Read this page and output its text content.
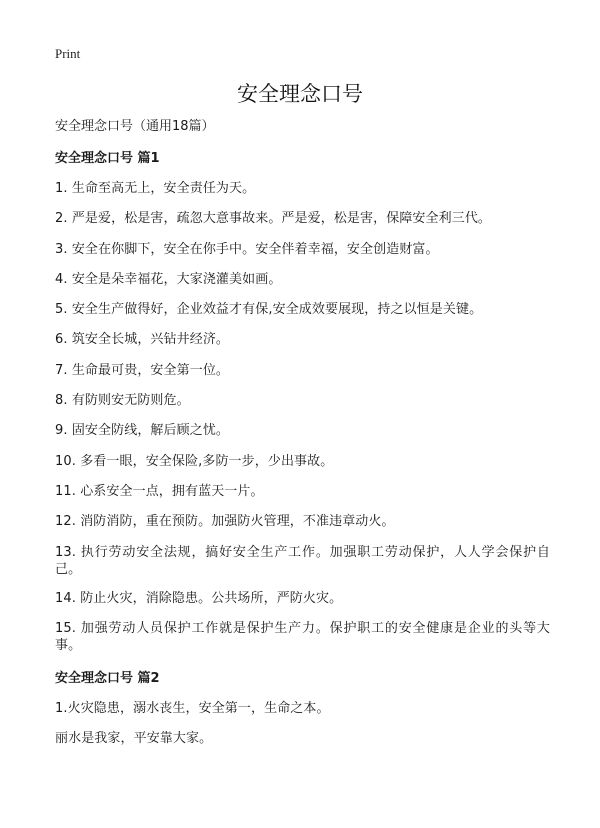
Print
安全理念口号

安全理念口号（通用18篇）

安全理念口号 篇1

1. 生命至高无上，安全责任为天。

2. 严是爱，松是害，疏忽大意事故来。严是爱，松是害，保障安全利三代。

3. 安全在你脚下，安全在你手中。安全伴着幸福，安全创造财富。

4. 安全是朵幸福花，大家浇灌美如画。

5. 安全生产做得好，企业效益才有保,安全成效要展现，持之以恒是关键。

6. 筑安全长城，兴钻井经济。

7. 生命最可贵，安全第一位。

8. 有防则安无防则危。

9. 固安全防线，解后顾之忧。

10. 多看一眼，安全保险,多防一步，少出事故。

11. 心系安全一点，拥有蓝天一片。

12. 消防消防，重在预防。加强防火管理，不准违章动火。

13. 执行劳动安全法规，搞好安全生产工作。加强职工劳动保护，人人学会保护自己。

14. 防止火灾，消除隐患。公共场所，严防火灾。

15. 加强劳动人员保护工作就是保护生产力。保护职工的安全健康是企业的头等大事。

安全理念口号 篇2

1.火灾隐患，溺水丧生，安全第一，生命之本。

丽水是我家，平安靠大家。
